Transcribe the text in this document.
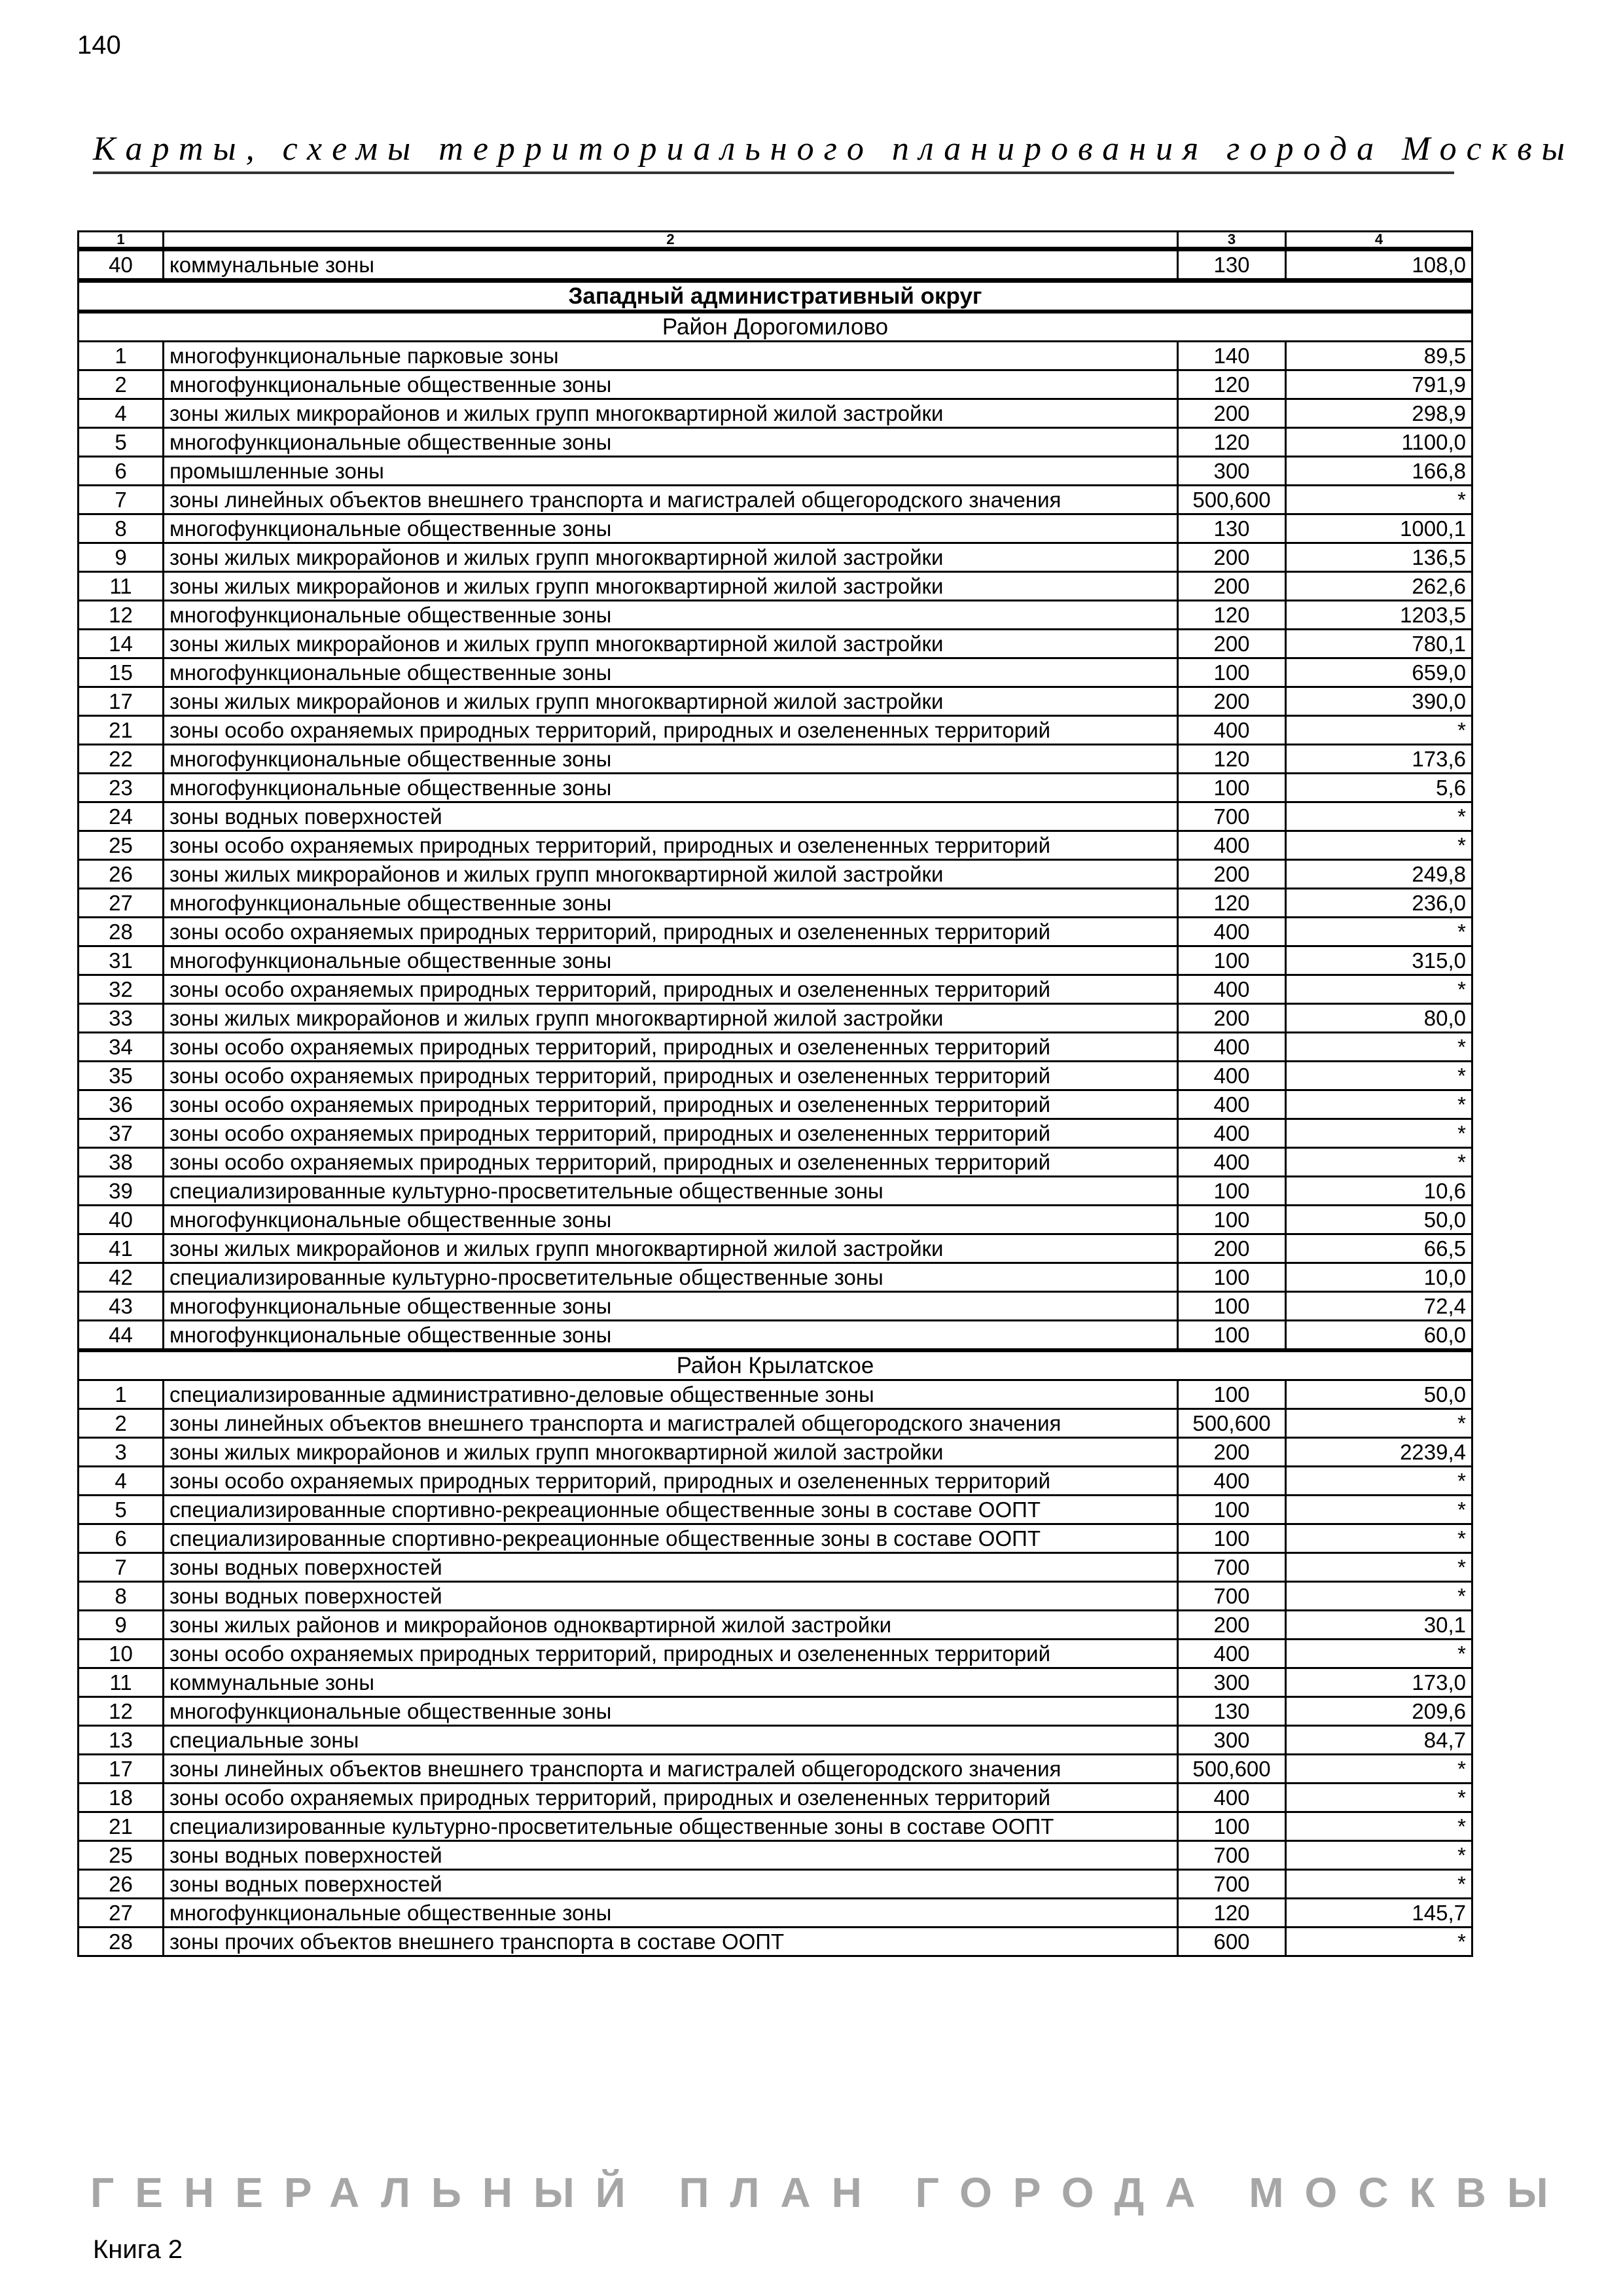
140
Карты, схемы территориального планирования города Москвы
1	2	3	4
40	коммунальные зоны	130	108,0
Западный административный округ			
Район Дорогомилово			
1	многофункциональные парковые зоны	140	89,5
2	многофункциональные общественные зоны	120	791,9
4	зоны жилых микрорайонов и жилых групп многоквартирной жилой застройки	200	298,9
5	многофункциональные общественные зоны	120	1100,0
6	промышленные зоны	300	166,8
7	зоны линейных объектов внешнего транспорта и магистралей общегородского значения	500,600	*
8	многофункциональные общественные зоны	130	1000,1
9	зоны жилых микрорайонов и жилых групп многоквартирной жилой застройки	200	136,5
11	зоны жилых микрорайонов и жилых групп многоквартирной жилой застройки	200	262,6
12	многофункциональные общественные зоны	120	1203,5
14	зоны жилых микрорайонов и жилых групп многоквартирной жилой застройки	200	780,1
15	многофункциональные общественные зоны	100	659,0
17	зоны жилых микрорайонов и жилых групп многоквартирной жилой застройки	200	390,0
21	зоны особо охраняемых природных территорий, природных и озелененных территорий	400	*
22	многофункциональные общественные зоны	120	173,6
23	многофункциональные общественные зоны	100	5,6
24	зоны водных поверхностей	700	*
25	зоны особо охраняемых природных территорий, природных и озелененных территорий	400	*
26	зоны жилых микрорайонов и жилых групп многоквартирной жилой застройки	200	249,8
27	многофункциональные общественные зоны	120	236,0
28	зоны особо охраняемых природных территорий, природных и озелененных территорий	400	*
31	многофункциональные общественные зоны	100	315,0
32	зоны особо охраняемых природных территорий, природных и озелененных территорий	400	*
33	зоны жилых микрорайонов и жилых групп многоквартирной жилой застройки	200	80,0
34	зоны особо охраняемых природных территорий, природных и озелененных территорий	400	*
35	зоны особо охраняемых природных территорий, природных и озелененных территорий	400	*
36	зоны особо охраняемых природных территорий, природных и озелененных территорий	400	*
37	зоны особо охраняемых природных территорий, природных и озелененных территорий	400	*
38	зоны особо охраняемых природных территорий, природных и озелененных территорий	400	*
39	специализированные культурно-просветительные общественные зоны	100	10,6
40	многофункциональные общественные зоны	100	50,0
41	зоны жилых микрорайонов и жилых групп многоквартирной жилой застройки	200	66,5
42	специализированные культурно-просветительные общественные зоны	100	10,0
43	многофункциональные общественные зоны	100	72,4
44	многофункциональные общественные зоны	100	60,0
Район Крылатское			
1	специализированные административно-деловые общественные зоны	100	50,0
2	зоны линейных объектов внешнего транспорта и магистралей общегородского значения	500,600	*
3	зоны жилых микрорайонов и жилых групп многоквартирной жилой застройки	200	2239,4
4	зоны особо охраняемых природных территорий, природных и озелененных территорий	400	*
5	специализированные спортивно-рекреационные общественные зоны в составе ООПТ	100	*
6	специализированные спортивно-рекреационные общественные зоны в составе ООПТ	100	*
7	зоны водных поверхностей	700	*
8	зоны водных поверхностей	700	*
9	зоны жилых районов и микрорайонов одноквартирной жилой застройки	200	30,1
10	зоны особо охраняемых природных территорий, природных и озелененных территорий	400	*
11	коммунальные зоны	300	173,0
12	многофункциональные общественные зоны	130	209,6
13	специальные зоны	300	84,7
17	зоны линейных объектов внешнего транспорта и магистралей общегородского значения	500,600	*
18	зоны особо охраняемых природных территорий, природных и озелененных территорий	400	*
21	специализированные культурно-просветительные общественные зоны в составе ООПТ	100	*
25	зоны водных поверхностей	700	*
26	зоны водных поверхностей	700	*
27	многофункциональные общественные зоны	120	145,7
28	зоны прочих объектов внешнего транспорта в составе ООПТ	600	*
ГЕНЕРАЛЬНЫЙ ПЛАН ГОРОДА МОСКВЫ
Книга 2
